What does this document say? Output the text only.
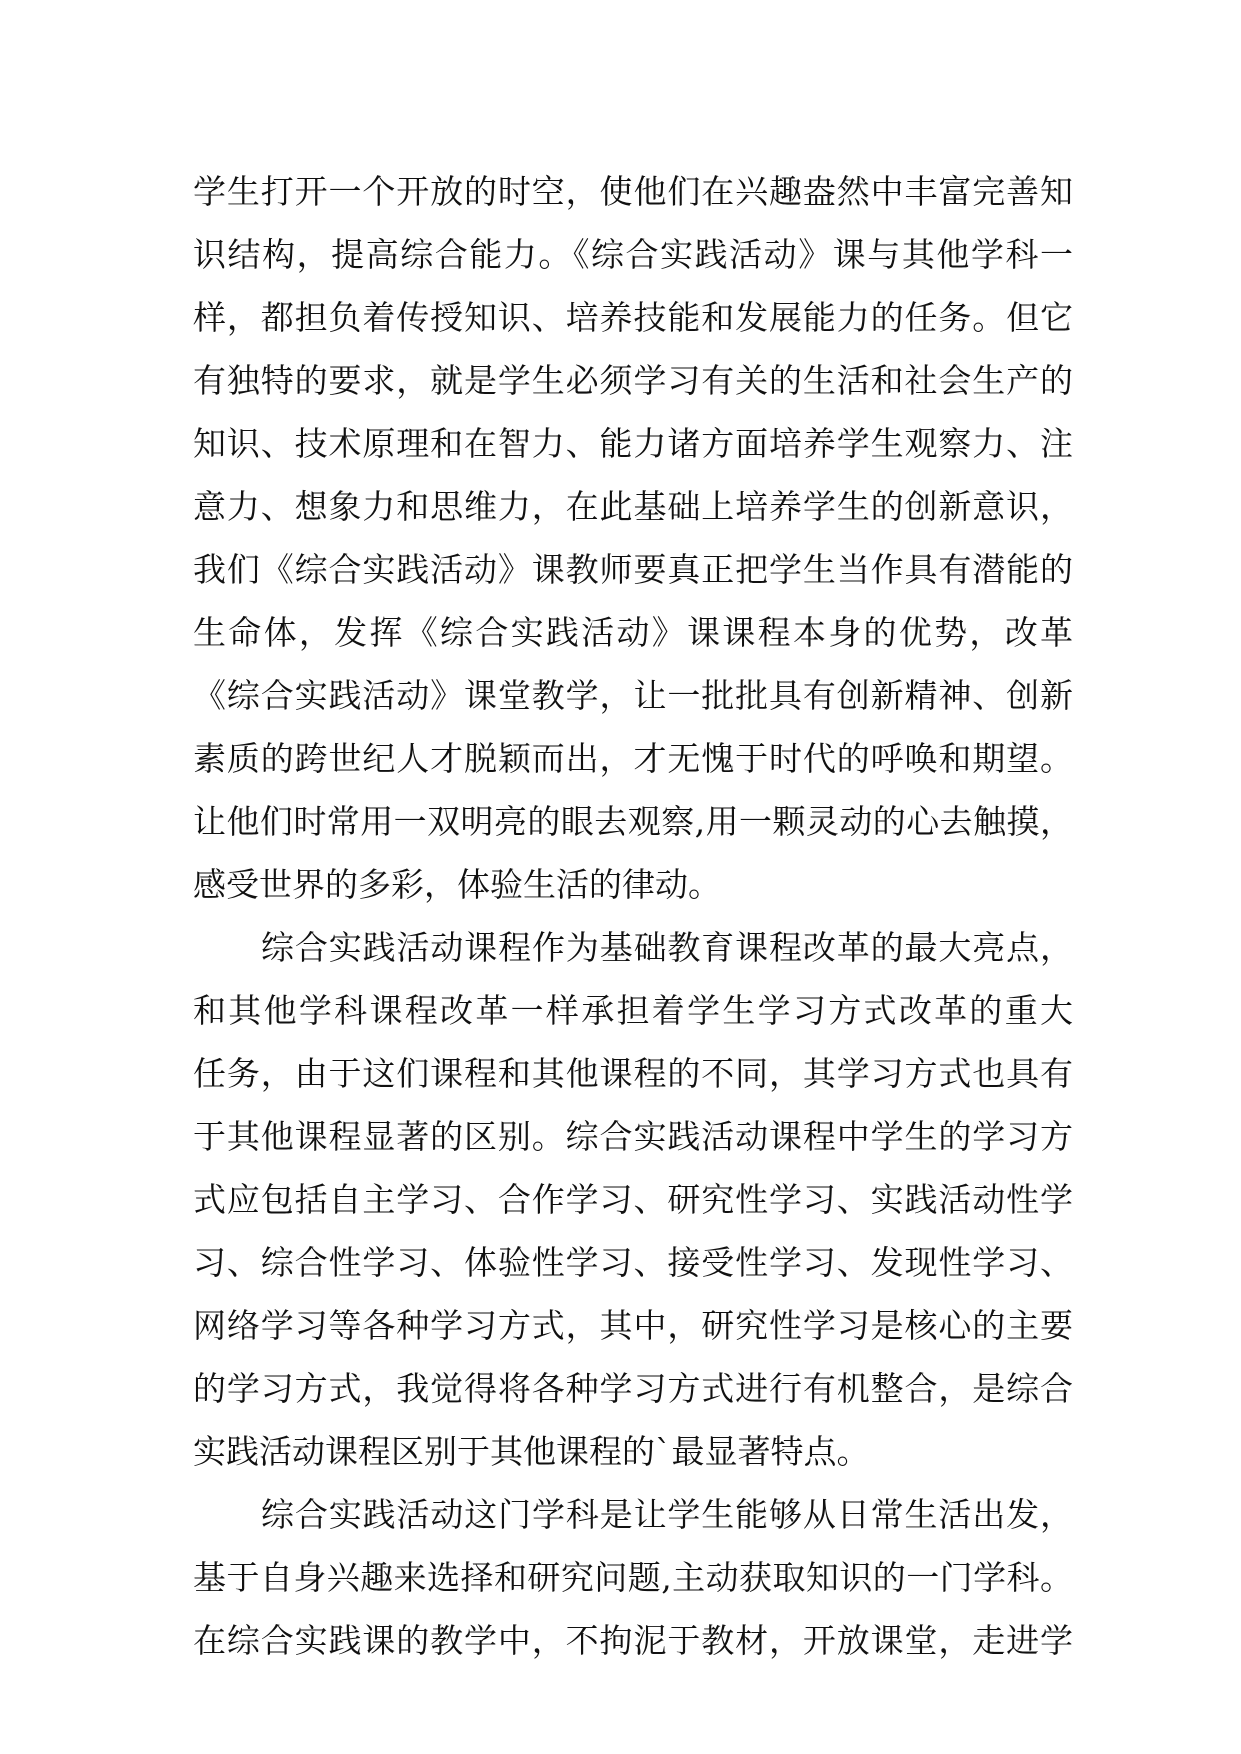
学生打开一个开放的时空，使他们在兴趣盎然中丰富完善知
识结构，提高综合能力。《综合实践活动》课与其他学科一
样，都担负着传授知识、培养技能和发展能力的任务。但它
有独特的要求，就是学生必须学习有关的生活和社会生产的
知识、技术原理和在智力、能力诸方面培养学生观察力、注
意力、想象力和思维力，在此基础上培养学生的创新意识，
我们《综合实践活动》课教师要真正把学生当作具有潜能的
生命体，发挥《综合实践活动》课课程本身的优势，改革
《综合实践活动》课堂教学，让一批批具有创新精神、创新
素质的跨世纪人才脱颖而出，才无愧于时代的呼唤和期望。
让他们时常用一双明亮的眼去观察,用一颗灵动的心去触摸，
感受世界的多彩，体验生活的律动。
综合实践活动课程作为基础教育课程改革的最大亮点，
和其他学科课程改革一样承担着学生学习方式改革的重大
任务，由于这们课程和其他课程的不同，其学习方式也具有
于其他课程显著的区别。综合实践活动课程中学生的学习方
式应包括自主学习、合作学习、研究性学习、实践活动性学
习、综合性学习、体验性学习、接受性学习、发现性学习、
网络学习等各种学习方式，其中，研究性学习是核心的主要
的学习方式，我觉得将各种学习方式进行有机整合，是综合
实践活动课程区别于其他课程的`最显著特点。
综合实践活动这门学科是让学生能够从日常生活出发，
基于自身兴趣来选择和研究问题,主动获取知识的一门学科。
在综合实践课的教学中，不拘泥于教材，开放课堂，走进学
